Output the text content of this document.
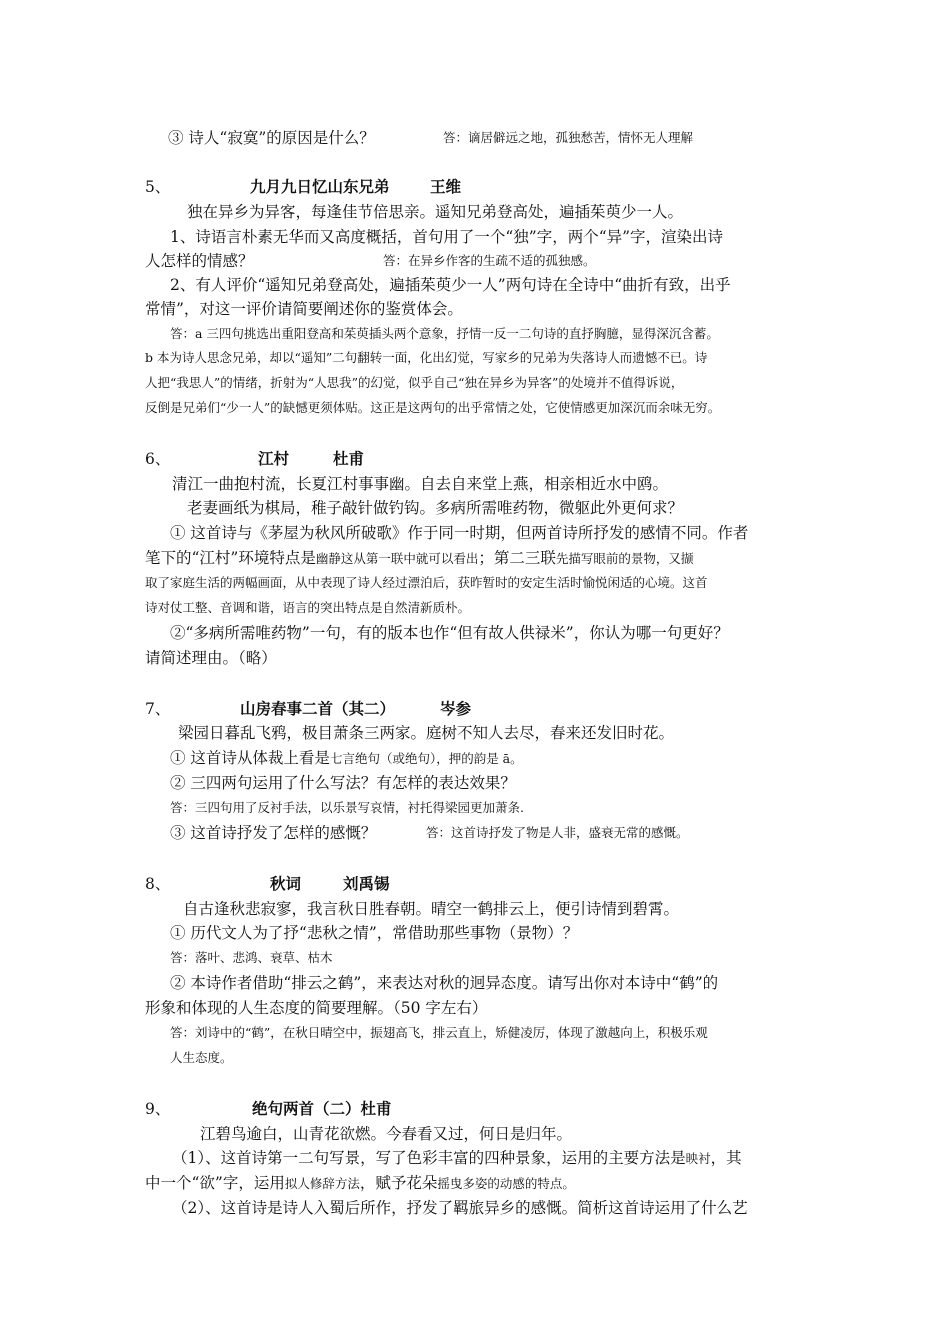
③ 诗人“寂寞”的原因是什么？	答：谪居僻远之地，孤独愁苦，情怀无人理解
5、	九月九日忆山东兄弟	王维
独在异乡为异客，每逢佳节倍思亲。遥知兄弟登高处，遍插茱萸少一人。
1、诗语言朴素无华而又高度概括，首句用了一个“独”字，两个“异”字，渲染出诗
人怎样的情感？	答：在异乡作客的生疏不适的孤独感。
2、有人评价“遥知兄弟登高处，遍插茱萸少一人”两句诗在全诗中“曲折有致，出乎
常情”，对这一评价请简要阐述你的鉴赏体会。
答：a 三四句挑选出重阳登高和茱萸插头两个意象，抒情一反一二句诗的直抒胸臆，显得深沉含蓄。
b 本为诗人思念兄弟，却以“遥知”二句翻转一面，化出幻觉，写家乡的兄弟为失落诗人而遗憾不已。诗
人把“我思人”的情绪，折射为“人思我”的幻觉，似乎自己“独在异乡为异客”的处境并不值得诉说，
反倒是兄弟们“少一人”的缺憾更须体贴。这正是这两句的出乎常情之处，它使情感更加深沉而余味无穷。
6、	江村	杜甫
清江一曲抱村流，长夏江村事事幽。自去自来堂上燕，相亲相近水中鸥。
老妻画纸为棋局，稚子敲针做钓钩。多病所需唯药物，微躯此外更何求？
① 这首诗与《茅屋为秋风所破歌》作于同一时期，但两首诗所抒发的感情不同。作者
笔下的“江村”环境特点是幽静这从第一联中就可以看出；第二三联先描写眼前的景物，又撷
取了家庭生活的两幅画面，从中表现了诗人经过漂泊后，获昨暂时的安定生活时愉悦闲适的心境。这首
诗对仗工整、音调和谐，语言的突出特点是自然清新质朴。
②“多病所需唯药物”一句，有的版本也作“但有故人供禄米”，你认为哪一句更好？
请简述理由。（略）
7、	山房春事二首（其二）	岑参
梁园日暮乱飞鸦，极目萧条三两家。庭树不知人去尽，春来还发旧时花。
① 这首诗从体裁上看是七言绝句（或绝句），押的韵是 ā。
② 三四两句运用了什么写法？有怎样的表达效果？
答：三四句用了反衬手法，以乐景写哀情，衬托得梁园更加萧条.
③ 这首诗抒发了怎样的感慨？	答：这首诗抒发了物是人非，盛衰无常的感慨。
8、	秋词	刘禹锡
自古逢秋悲寂寥，我言秋日胜春朝。晴空一鹤排云上，便引诗情到碧霄。
① 历代文人为了抒“悲秋之情”，常借助那些事物（景物）？
答：落叶、悲鸿、衰草、枯木
② 本诗作者借助“排云之鹤”，来表达对秋的迥异态度。请写出你对本诗中“鹤”的
形象和体现的人生态度的简要理解。（50 字左右）
答：刘诗中的“鹤”，在秋日晴空中，振翅高飞，排云直上，矫健凌厉，体现了激越向上，积极乐观
人生态度。
9、	绝句两首（二）杜甫
江碧鸟逾白，山青花欲燃。今春看又过，何日是归年。
（1）、这首诗第一二句写景，写了色彩丰富的四种景象，运用的主要方法是映衬，其
中一个“欲”字，运用拟人修辞方法，赋予花朵摇曳多姿的动感的特点。
（2）、这首诗是诗人入蜀后所作，抒发了羁旅异乡的感慨。简析这首诗运用了什么艺
